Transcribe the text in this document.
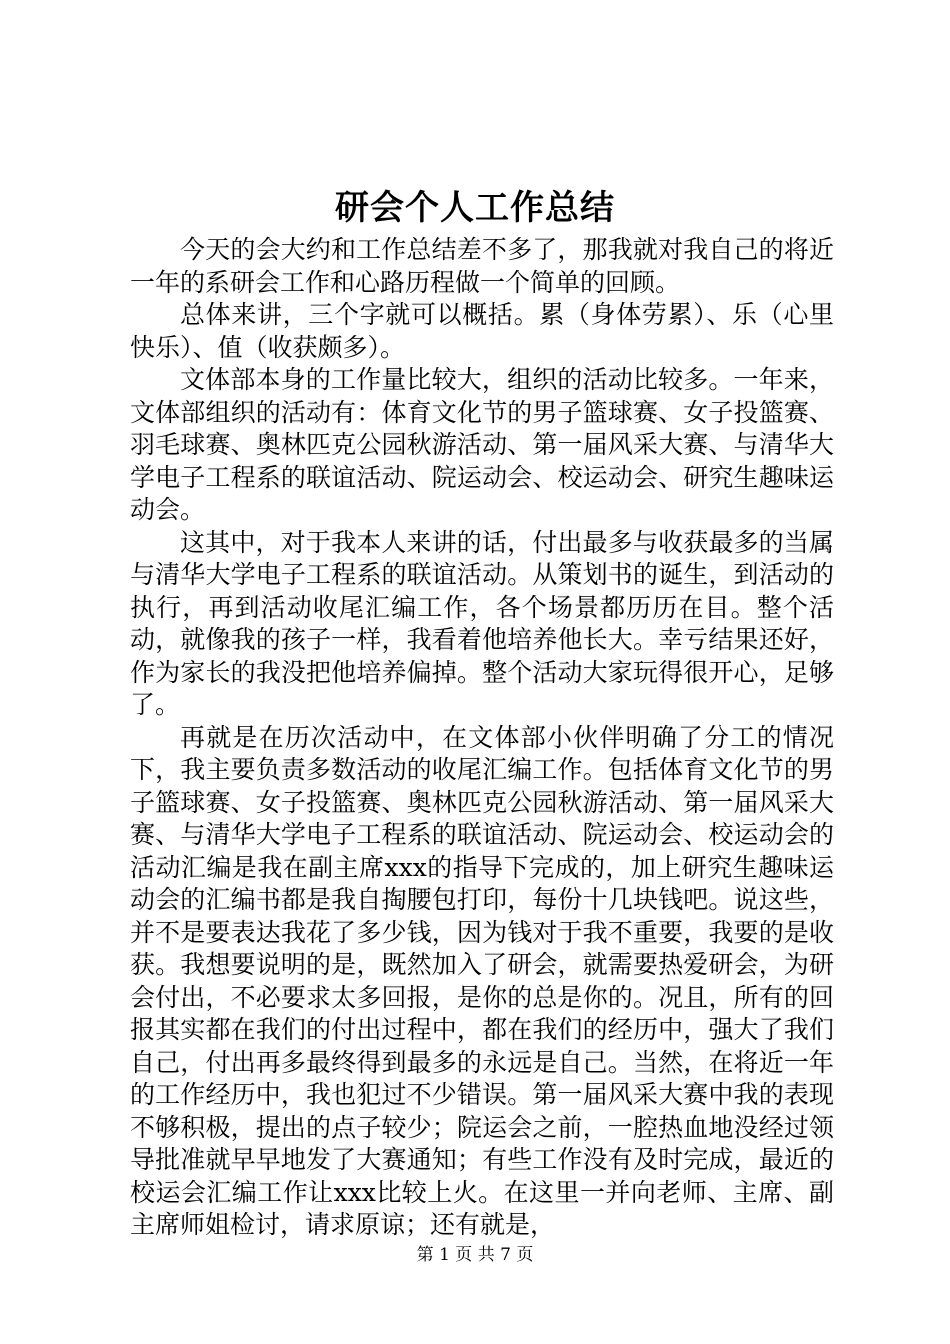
研会个人工作总结

今天的会大约和工作总结差不多了，那我就对我自己的将近一年的系研会工作和心路历程做一个简单的回顾。

总体来讲，三个字就可以概括。累（身体劳累）、乐（心里快乐）、值（收获颇多）。

文体部本身的工作量比较大，组织的活动比较多。一年来，文体部组织的活动有：体育文化节的男子篮球赛、女子投篮赛、羽毛球赛、奥林匹克公园秋游活动、第一届风采大赛、与清华大学电子工程系的联谊活动、院运动会、校运动会、研究生趣味运动会。

这其中，对于我本人来讲的话，付出最多与收获最多的当属与清华大学电子工程系的联谊活动。从策划书的诞生，到活动的执行，再到活动收尾汇编工作，各个场景都历历在目。整个活动，就像我的孩子一样，我看着他培养他长大。幸亏结果还好，作为家长的我没把他培养偏掉。整个活动大家玩得很开心，足够了。

再就是在历次活动中，在文体部小伙伴明确了分工的情况下，我主要负责多数活动的收尾汇编工作。包括体育文化节的男子篮球赛、女子投篮赛、奥林匹克公园秋游活动、第一届风采大赛、与清华大学电子工程系的联谊活动、院运动会、校运动会的活动汇编是我在副主席xxx的指导下完成的，加上研究生趣味运动会的汇编书都是我自掏腰包打印，每份十几块钱吧。说这些，并不是要表达我花了多少钱，因为钱对于我不重要，我要的是收获。我想要说明的是，既然加入了研会，就需要热爱研会，为研会付出，不必要求太多回报，是你的总是你的。况且，所有的回报其实都在我们的付出过程中，都在我们的经历中，强大了我们自己，付出再多最终得到最多的永远是自己。当然，在将近一年的工作经历中，我也犯过不少错误。第一届风采大赛中我的表现不够积极，提出的点子较少；院运会之前，一腔热血地没经过领导批准就早早地发了大赛通知；有些工作没有及时完成，最近的校运会汇编工作让xxx比较上火。在这里一并向老师、主席、副主席师姐检讨，请求原谅；还有就是，

第 1 页 共 7 页
